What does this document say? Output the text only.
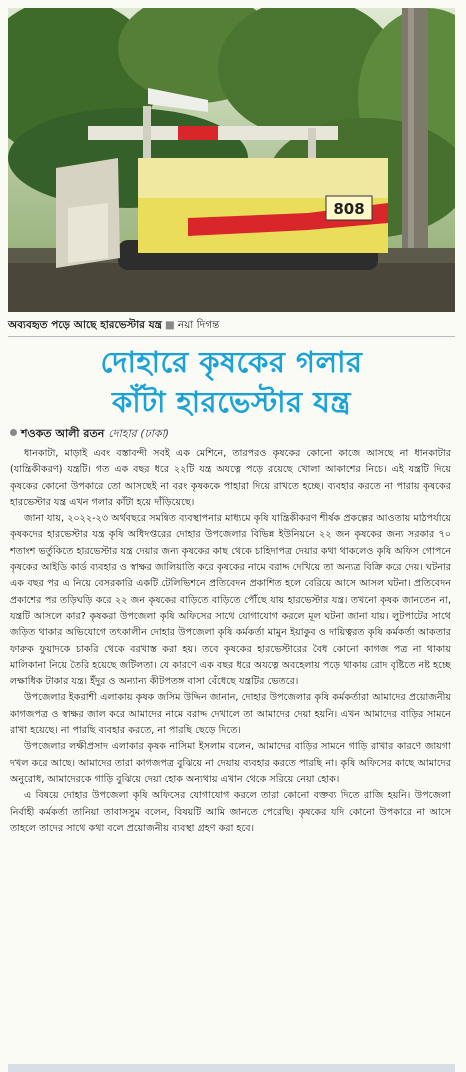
808
অব্যবহৃত পড়ে আছে হারভেস্টার যন্ত্র ■ নয়া দিগন্ত
দোহারে কৃষকের গলার
কাঁটা হারভেস্টার যন্ত্র
শওকত আলী রতন দোহার (ঢাকা)

ধানকাটা, মাড়াই এবং বস্তাবন্দী সবই এক মেশিনে, তারপরও কৃষকের কোনো কাজে আসছে না ধানকাটার (যান্ত্রিকীকরণ) যন্ত্রটি। গত এক বছর ধরে ২২টি যন্ত্র অযত্নে পড়ে রয়েছে খোলা আকাশের নিচে। এই যন্ত্রটি দিয়ে কৃষকের কোনো উপকারে তো আসছেই না বরং কৃষককে পাহারা দিয়ে রাখতে হচ্ছে। ব্যবহার করতে না পারায় কৃষকের হারভেস্টার যন্ত্র এখন গলার কাঁটা হয়ে দাঁড়িয়েছে।

জানা যায়, ২০২২-২৩ অর্থবছরে সমন্বিত ব্যবস্থাপনার মাধ্যমে কৃষি যান্ত্রিকীকরণ শীর্ষক প্রকল্পের আওতায় মাঠপর্যায়ে কৃষকদের হারভেস্টার যন্ত্র কৃষি অধিদপ্তরের দোহার উপজেলার বিভিন্ন ইউনিয়নে ২২ জন কৃষকের জন্য সরকার ৭০ শতাংশ ভর্তুকিতে হারভেস্টার যন্ত্র দেয়ার জন্য কৃষকের কাছ থেকে চাহিদাপত্র দেয়ার কথা থাকলেও কৃষি অফিস গোপনে কৃষকের আইডি কার্ড ব্যবহার ও স্বাক্ষর জালিয়াতি করে কৃষকের নামে বরাদ্দ দেখিয়ে তা অন্যত্র বিক্রি করে দেয়। ঘটনার এক বছর পর এ নিয়ে বেসরকারি একটি টেলিভিশনে প্রতিবেদন প্রকাশিত হলে বেরিয়ে আসে আসল ঘটনা। প্রতিবেদন প্রকাশের পর তড়িঘড়ি করে ২২ জন কৃষকের বাড়িতে বাড়িতে পৌঁছে যায় হারভেস্টার যন্ত্র। তখনো কৃষক জানতেন না, যন্ত্রটি আসলে কার? কৃষকরা উপজেলা কৃষি অফিসের সাথে যোগাযোগ করলে মূল ঘটনা জানা যায়। লুটপাটের সাথে জড়িত থাকার অভিযোগে তৎকালীন দোহার উপজেলা কৃষি কর্মকর্তা মামুন ইয়াকুব ও দায়িত্বরত কৃষি কর্মকর্তা আকতার ফারুক ফুয়াদকে চাকরি থেকে বরখাস্ত করা হয়। তবে কৃষকের হারভেস্টারের বৈধ কোনো কাগজ পত্র না থাকায় মালিকানা নিয়ে তৈরি হয়েছে জটিলতা। যে কারণে এক বছর ধরে অযত্নে অবহেলায় পড়ে থাকায় রোদ বৃষ্টিতে নষ্ট হচ্ছে লক্ষাধিক টাকার যন্ত্র। ইঁদুর ও অন্যান্য কীটপতঙ্গ বাসা বেঁধেছে যন্ত্রটির ভেতরে।

উপজেলার ইকরাশী এলাকায় কৃষক জসিম উদ্দিন জানান, দোহার উপজেলার কৃষি কর্মকর্তারা আমাদের প্রয়োজনীয় কাগজপত্র ও স্বাক্ষর জাল করে আমাদের নামে বরাদ্দ দেখালে তা আমাদের দেয়া হয়নি। এখন আমাদের বাড়ির সামনে রাখা হয়েছে। না পারছি ব্যবহার করতে, না পারছি ছেড়ে দিতে।

উপজেলার লক্ষীপ্রসাদ এলাকার কৃষক নাসিমা ইসলাম বলেন, আমাদের বাড়ির সামনে গাড়ি রাখার কারণে জায়গা দখল করে আছে। আমাদের তারা কাগজপত্র বুঝিয়ে না দেয়ায় ব্যবহার করতে পারছি না। কৃষি অফিসের কাছে আমাদের অনুরোধ, আমাদেরকে গাড়ি বুঝিয়ে দেয়া হোক অন্যথায় এখান থেকে সরিয়ে নেয়া হোক।

এ বিষয়ে দোহার উপজেলা কৃষি অফিসের যোগাযোগ করলে তারা কোনো বক্তব্য দিতে রাজি হয়নি। উপজেলা নির্বাহী কর্মকর্তা তানিয়া তাবাসসুম বলেন, বিষয়টি আমি জানতে পেরেছি। কৃষকের যদি কোনো উপকারে না আসে তাহলে তাদের সাথে কথা বলে প্রয়োজনীয় ব্যবস্থা গ্রহণ করা হবে।
